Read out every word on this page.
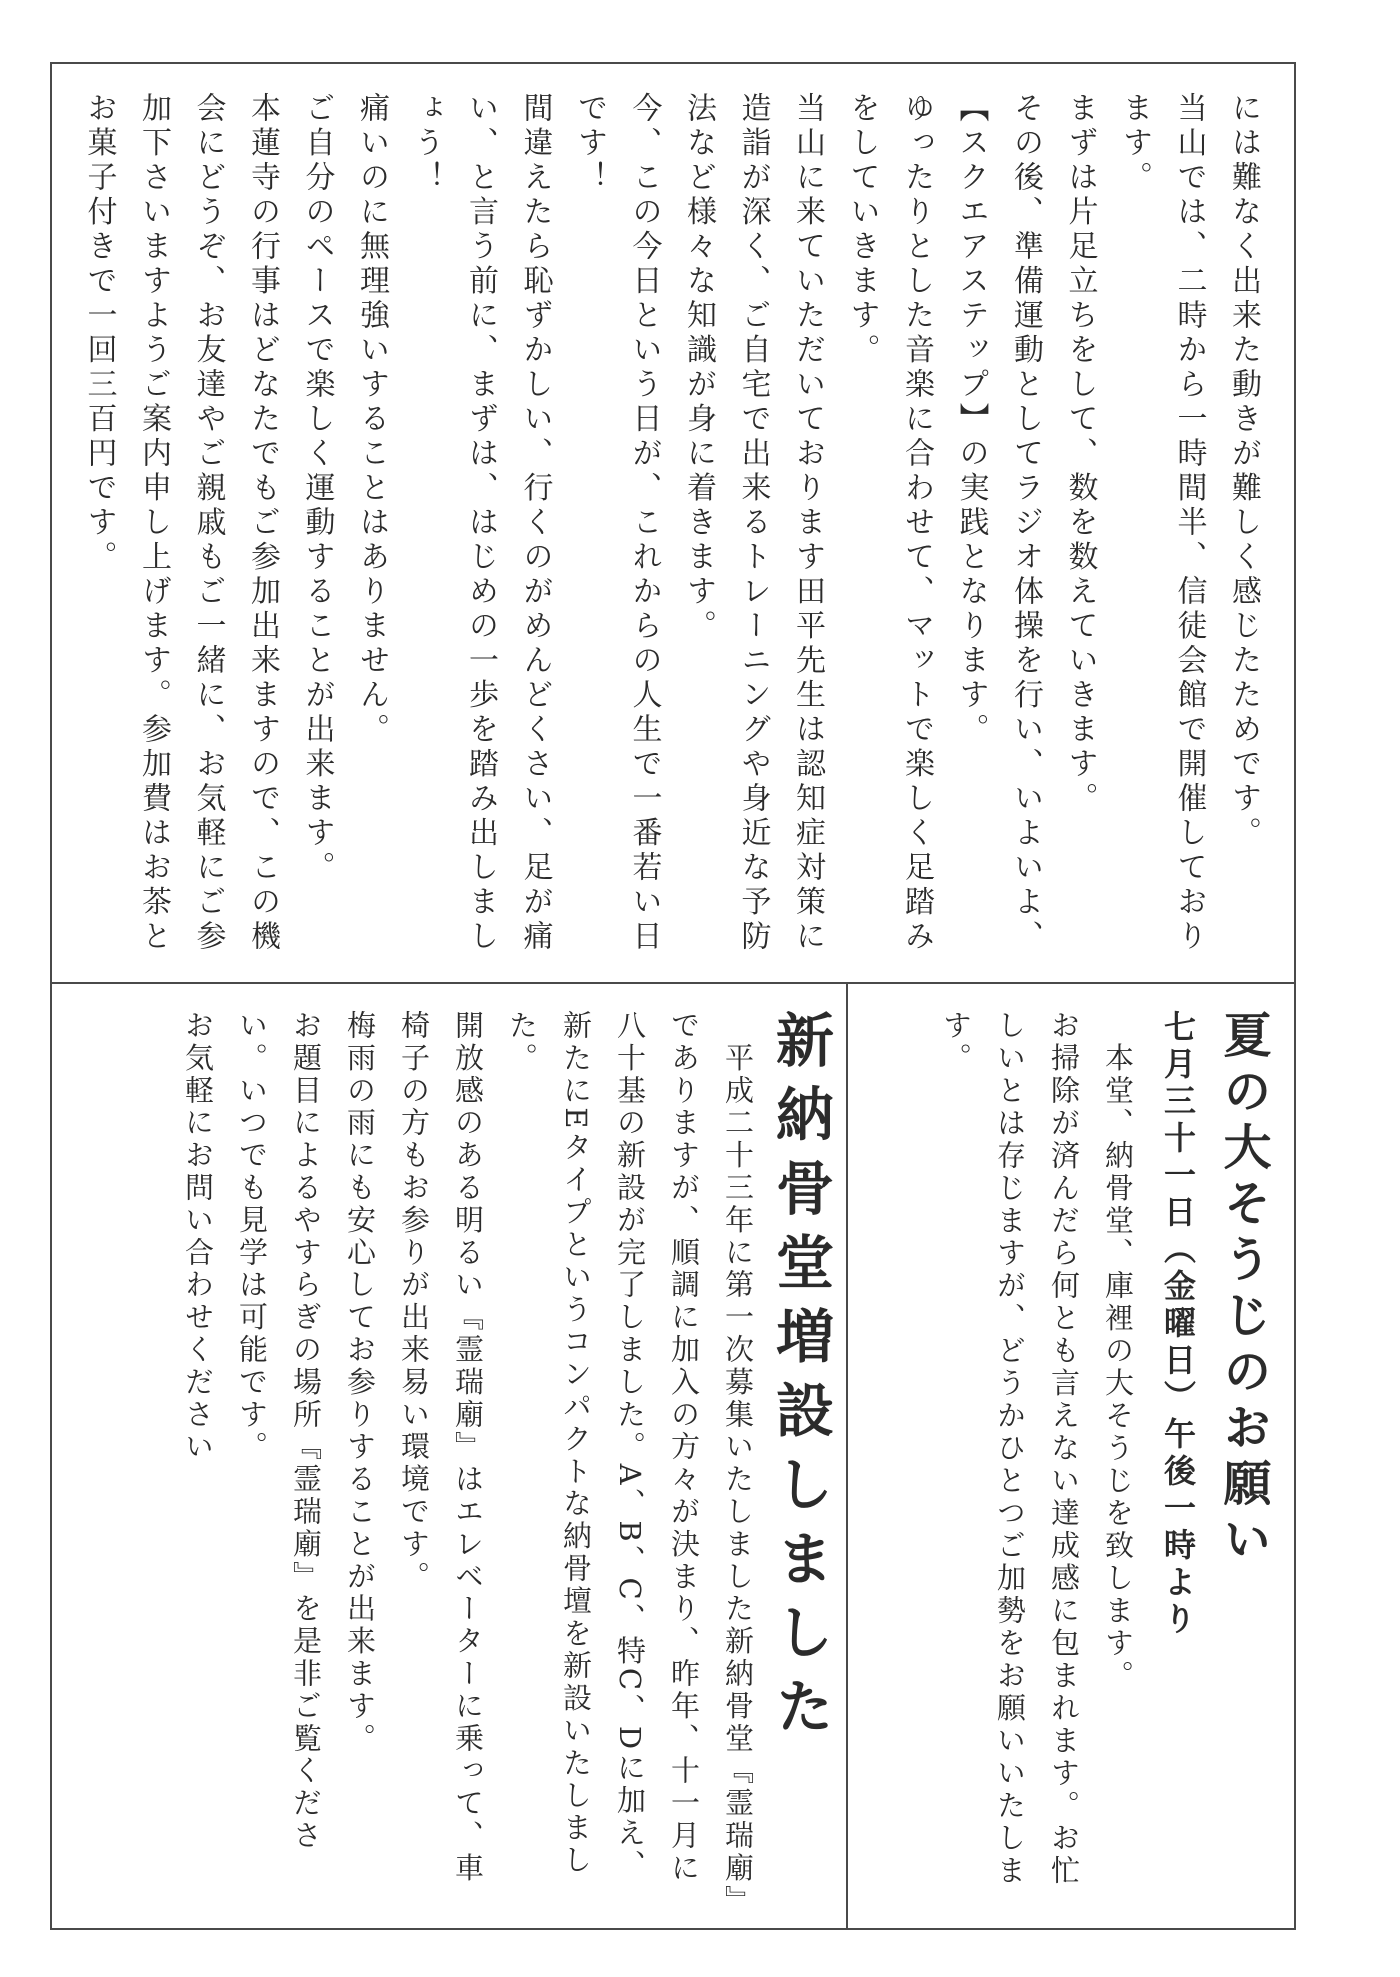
には難なく出来た動きが難しく感じたためです。
当山では、二時から一時間半、信徒会館で開催しております。
まずは片足立ちをして、数を数えていきます。
その後、準備運動としてラジオ体操を行い、いよいよ、【スクエアステップ】の実践となります。
ゆったりとした音楽に合わせて、マットで楽しく足踏みをしていきます。
当山に来ていただいております田平先生は認知症対策に造詣が深く、ご自宅で出来るトレーニングや身近な予防法など様々な知識が身に着きます。
今、この今日という日が、これからの人生で一番若い日です！
間違えたら恥ずかしい、行くのがめんどくさい、足が痛い、と言う前に、まずは、はじめの一歩を踏み出しましょう！
痛いのに無理強いすることはありません。
ご自分のペースで楽しく運動することが出来ます。
本蓮寺の行事はどなたでもご参加出来ますので、この機会にどうぞ、お友達やご親戚もご一緒に、お気軽にご参加下さいますようご案内申し上げます。参加費はお茶とお菓子付きで一回三百円です。

夏の大そうじのお願い

七月三十一日（金曜日）午後一時より

　本堂、納骨堂、庫裡の大そうじを致します。
お掃除が済んだら何とも言えない達成感に包まれます。お忙しいとは存じますが、どうかひとつご加勢をお願いいたします。

新納骨堂増設しました

　平成二十三年に第一次募集いたしました新納骨堂『霊瑞廟』でありますが、順調に加入の方々が決まり、昨年、十一月に八十基の新設が完了しました。A、B、C、特C、Dに加え、新たにEタイプというコンパクトな納骨壇を新設いたしました。
開放感のある明るい『霊瑞廟』はエレベーターに乗って、車椅子の方もお参りが出来易い環境です。
梅雨の雨にも安心してお参りすることが出来ます。
お題目によるやすらぎの場所『霊瑞廟』を是非ご覧ください。いつでも見学は可能です。
お気軽にお問い合わせください
